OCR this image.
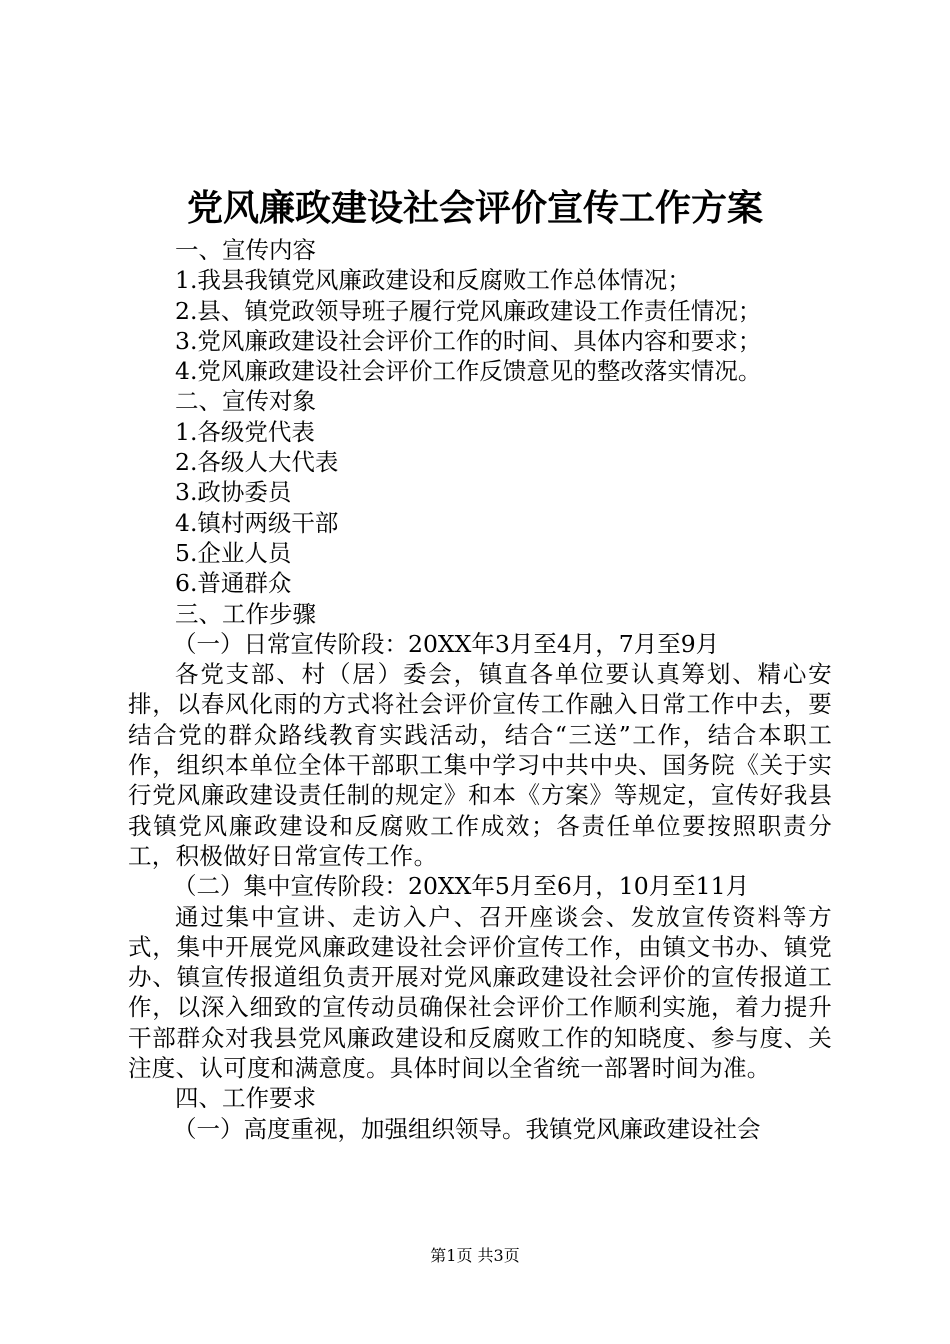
党风廉政建设社会评价宣传工作方案
一、宣传内容
1.我县我镇党风廉政建设和反腐败工作总体情况；
2.县、镇党政领导班子履行党风廉政建设工作责任情况；
3.党风廉政建设社会评价工作的时间、具体内容和要求；
4.党风廉政建设社会评价工作反馈意见的整改落实情况。
二、宣传对象
1.各级党代表
2.各级人大代表
3.政协委员
4.镇村两级干部
5.企业人员
6.普通群众
三、工作步骤
（一）日常宣传阶段：20XX年3月至4月，7月至9月

各党支部、村（居）委会，镇直各单位要认真筹划、精心安排，以春风化雨的方式将社会评价宣传工作融入日常工作中去，要结合党的群众路线教育实践活动，结合“三送”工作，结合本职工作，组织本单位全体干部职工集中学习中共中央、国务院《关于实行党风廉政建设责任制的规定》和本《方案》等规定，宣传好我县我镇党风廉政建设和反腐败工作成效；各责任单位要按照职责分工，积极做好日常宣传工作。

（二）集中宣传阶段：20XX年5月至6月，10月至11月

通过集中宣讲、走访入户、召开座谈会、发放宣传资料等方式，集中开展党风廉政建设社会评价宣传工作，由镇文书办、镇党办、镇宣传报道组负责开展对党风廉政建设社会评价的宣传报道工作，以深入细致的宣传动员确保社会评价工作顺利实施，着力提升干部群众对我县党风廉政建设和反腐败工作的知晓度、参与度、关注度、认可度和满意度。具体时间以全省统一部署时间为准。

四、工作要求
（一）高度重视，加强组织领导。我镇党风廉政建设社会
第1页 共3页
